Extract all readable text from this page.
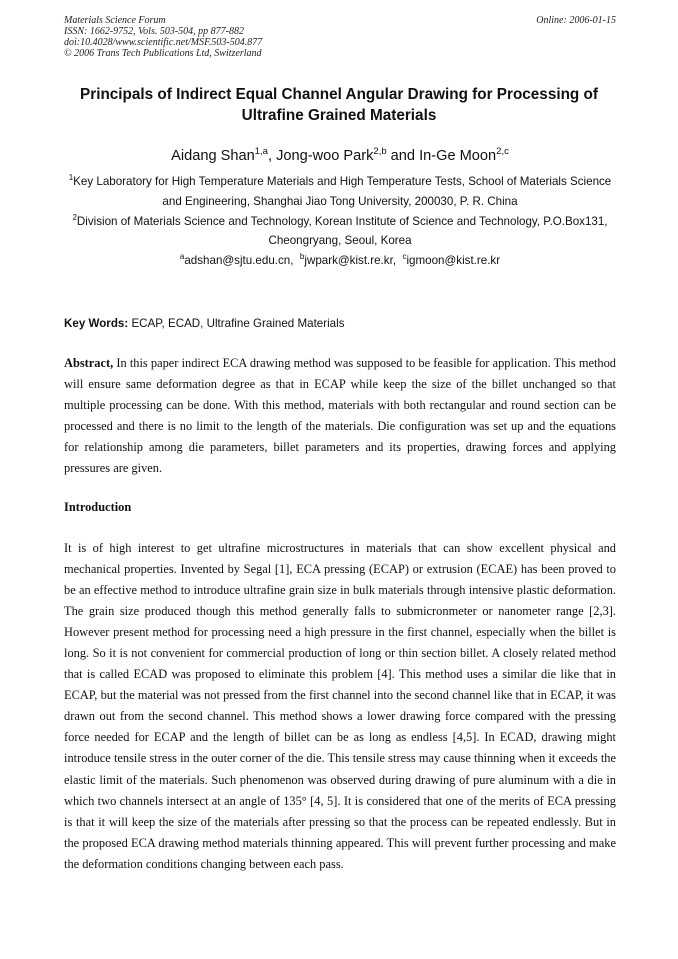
Materials Science Forum
ISSN: 1662-9752, Vols. 503-504, pp 877-882
doi:10.4028/www.scientific.net/MSF.503-504.877
© 2006 Trans Tech Publications Ltd, Switzerland
Online: 2006-01-15
Principals of Indirect Equal Channel Angular Drawing for Processing of Ultrafine Grained Materials
Aidang Shan$^{1,a}$, Jong-woo Park$^{2,b}$ and In-Ge Moon$^{2,c}$
$^1$Key Laboratory for High Temperature Materials and High Temperature Tests, School of Materials Science and Engineering, Shanghai Jiao Tong University, 200030, P. R. China
$^2$Division of Materials Science and Technology, Korean Institute of Science and Technology, P.O.Box131, Cheongryang, Seoul, Korea
$^a$adshan@sjtu.edu.cn,  $^b$jwpark@kist.re.kr,  $^c$igmoon@kist.re.kr
Key Words: ECAP, ECAD, Ultrafine Grained Materials
Abstract, In this paper indirect ECA drawing method was supposed to be feasible for application. This method will ensure same deformation degree as that in ECAP while keep the size of the billet unchanged so that multiple processing can be done. With this method, materials with both rectangular and round section can be processed and there is no limit to the length of the materials. Die configuration was set up and the equations for relationship among die parameters, billet parameters and its properties, drawing forces and applying pressures are given.
Introduction
It is of high interest to get ultrafine microstructures in materials that can show excellent physical and mechanical properties. Invented by Segal [1], ECA pressing (ECAP) or extrusion (ECAE) has been proved to be an effective method to introduce ultrafine grain size in bulk materials through intensive plastic deformation. The grain size produced though this method generally falls to submicronmeter or nanometer range [2,3]. However present method for processing need a high pressure in the first channel, especially when the billet is long. So it is not convenient for commercial production of long or thin section billet. A closely related method that is called ECAD was proposed to eliminate this problem [4]. This method uses a similar die like that in ECAP, but the material was not pressed from the first channel into the second channel like that in ECAP, it was drawn out from the second channel. This method shows a lower drawing force compared with the pressing force needed for ECAP and the length of billet can be as long as endless [4,5]. In ECAD, drawing might introduce tensile stress in the outer corner of the die. This tensile stress may cause thinning when it exceeds the elastic limit of the materials. Such phenomenon was observed during drawing of pure aluminum with a die in which two channels intersect at an angle of 135° [4, 5]. It is considered that one of the merits of ECA pressing is that it will keep the size of the materials after pressing so that the process can be repeated endlessly. But in the proposed ECA drawing method materials thinning appeared. This will prevent further processing and make the deformation conditions changing between each pass.
